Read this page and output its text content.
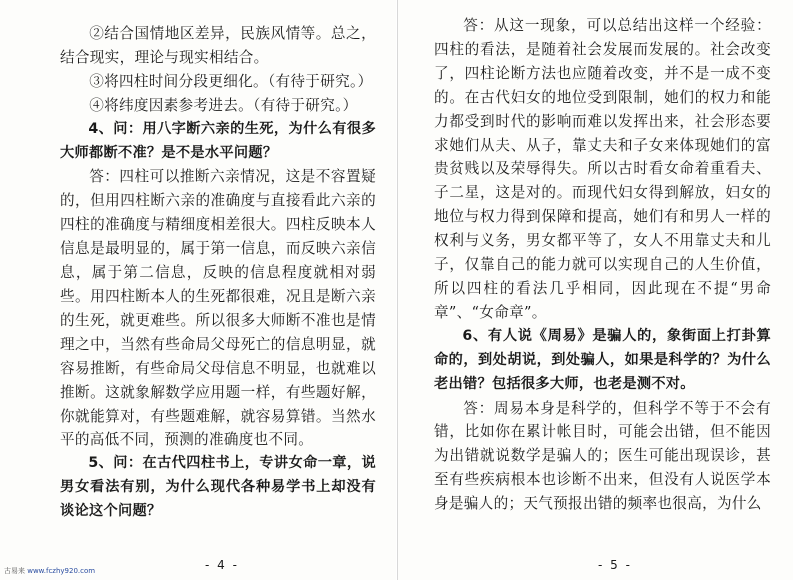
②结合国情地区差异，民族风情等。总之，结合现实，理论与现实相结合。

③将四柱时间分段更细化。（有待于研究。）

④将纬度因素参考进去。（有待于研究。）

4、问：用八字断六亲的生死，为什么有很多大师都断不准？是不是水平问题？

答：四柱可以推断六亲情况，这是不容置疑的，但用四柱断六亲的准确度与直接看此六亲的四柱的准确度与精细度相差很大。四柱反映本人信息是最明显的，属于第一信息，而反映六亲信息，属于第二信息，反映的信息程度就相对弱些。用四柱断本人的生死都很难，况且是断六亲的生死，就更难些。所以很多大师断不准也是情理之中，当然有些命局父母死亡的信息明显，就容易推断，有些命局父母信息不明显，也就难以推断。这就象解数学应用题一样，有些题好解，你就能算对，有些题难解，就容易算错。当然水平的高低不同，预测的准确度也不同。

5、问：在古代四柱书上，专讲女命一章，说男女看法有别，为什么现代各种易学书上却没有谈论这个问题？

- 4 -

答：从这一现象，可以总结出这样一个经验：四柱的看法，是随着社会发展而发展的。社会改变了，四柱论断方法也应随着改变，并不是一成不变的。在古代妇女的地位受到限制，她们的权力和能力都受到时代的影响而难以发挥出来，社会形态要求她们从夫、从子，靠丈夫和子女来体现她们的富贵贫贱以及荣辱得失。所以古时看女命着重看夫、子二星，这是对的。而现代妇女得到解放，妇女的地位与权力得到保障和提高，她们有和男人一样的权利与义务，男女都平等了，女人不用靠丈夫和儿子，仅靠自己的能力就可以实现自己的人生价值，所以四柱的看法几乎相同，因此现在不提“男命章”、“女命章”。

6、有人说《周易》是骗人的，象街面上打卦算命的，到处胡说，到处骗人，如果是科学的？为什么老出错？包括很多大师，也老是测不对。

答：周易本身是科学的，但科学不等于不会有错，比如你在累计帐目时，可能会出错，但不能因为出错就说数学是骗人的；医生可能出现误诊，甚至有些疾病根本也诊断不出来，但没有人说医学本身是骗人的；天气预报出错的频率也很高，为什么

- 5 -
古易来 www.fczhy920.com
